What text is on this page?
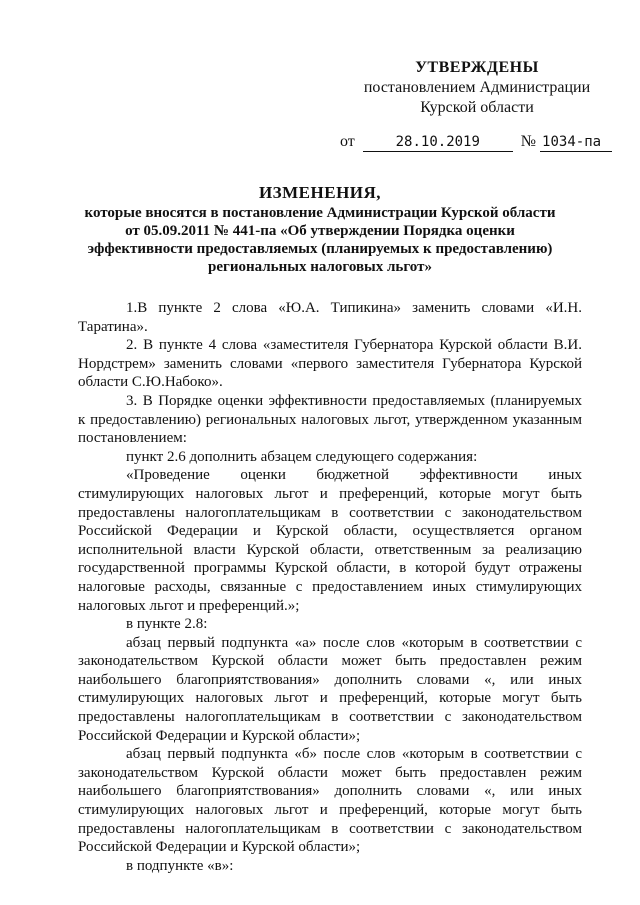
УТВЕРЖДЕНЫ
постановлением Администрации
Курской области
от	28.10.2019	№ 1034-па
ИЗМЕНЕНИЯ,
которые вносятся в постановление Администрации Курской области
от 05.09.2011 № 441-па «Об утверждении Порядка оценки
эффективности предоставляемых (планируемых к предоставлению)
региональных налоговых льгот»

1.В пункте 2 слова «Ю.А. Типикина» заменить словами «И.Н. Таратина».

2. В пункте 4 слова «заместителя Губернатора Курской области В.И. Нордстрем» заменить словами «первого заместителя Губернатора Курской области С.Ю.Набоко».

3. В Порядке оценки эффективности предоставляемых (планируемых к предоставлению) региональных налоговых льгот, утвержденном указанным постановлением:

пункт 2.6 дополнить абзацем следующего содержания:

«Проведение оценки бюджетной эффективности иных стимулирующих налоговых льгот и преференций, которые могут быть предоставлены налогоплательщикам в соответствии с законодательством Российской Федерации и Курской области, осуществляется органом исполнительной власти Курской области, ответственным за реализацию государственной программы Курской области, в которой будут отражены налоговые расходы, связанные с предоставлением иных стимулирующих налоговых льгот и преференций.»;

в пункте 2.8:

абзац первый подпункта «а» после слов «которым в соответствии с законодательством Курской области может быть предоставлен режим наибольшего благоприятствования» дополнить словами «, или иных стимулирующих налоговых льгот и преференций, которые могут быть предоставлены налогоплательщикам в соответствии с законодательством Российской Федерации и Курской области»;

абзац первый подпункта «б» после слов «которым в соответствии с законодательством Курской области может быть предоставлен режим наибольшего благоприятствования» дополнить словами «, или иных стимулирующих налоговых льгот и преференций, которые могут быть предоставлены налогоплательщикам в соответствии с законодательством Российской Федерации и Курской области»;

в подпункте «в»:
